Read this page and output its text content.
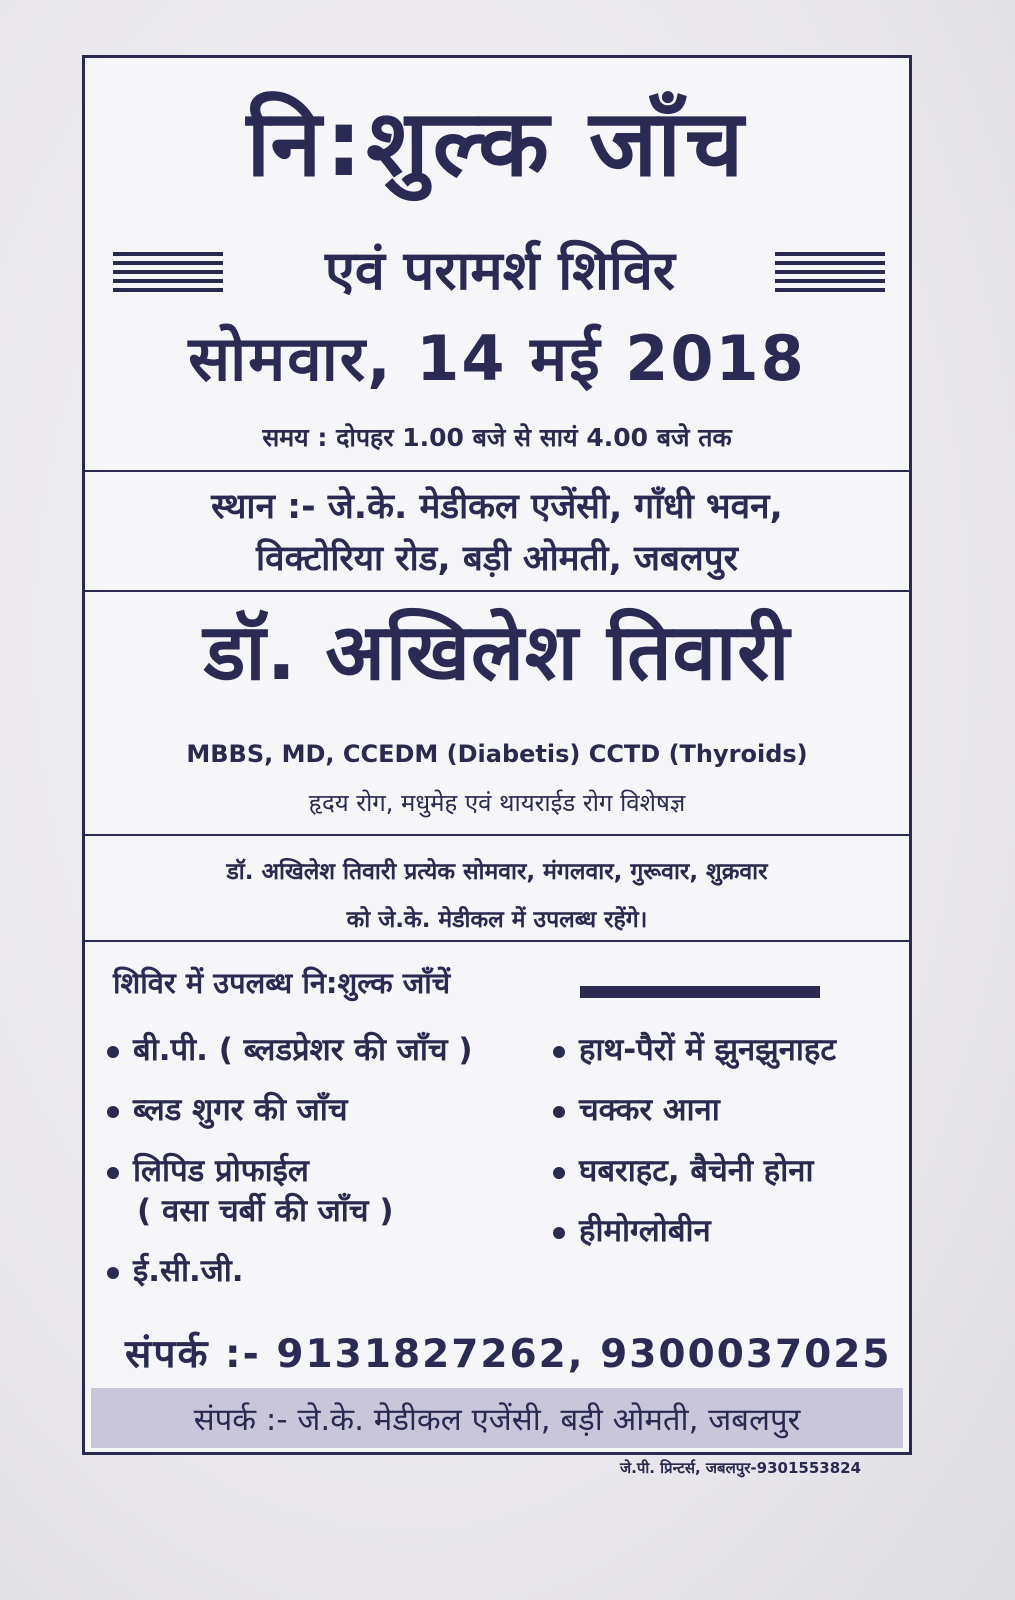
नि:शुल्क जाँच
एवं परामर्श शिविर
सोमवार, 14 मई 2018
समय : दोपहर 1.00 बजे से सायं 4.00 बजे तक
स्थान :- जे.के. मेडीकल एजेंसी, गाँधी भवन,
विक्टोरिया रोड, बड़ी ओमती, जबलपुर
डॉ. अखिलेश तिवारी
MBBS, MD, CCEDM (Diabetis) CCTD (Thyroids)
हृदय रोग, मधुमेह एवं थायराईड रोग विशेषज्ञ
डॉ. अखिलेश तिवारी प्रत्येक सोमवार, मंगलवार, गुरूवार, शुक्रवार
को जे.के. मेडीकल में उपलब्ध रहेंगे।
शिविर में उपलब्ध नि:शुल्क जाँचें
बी.पी. ( ब्लडप्रेशर की जाँच )
ब्लड शुगर की जाँच
लिपिड प्रोफाईल
( वसा चर्बी की जाँच )
ई.सी.जी.
हाथ-पैरों में झुनझुनाहट
चक्कर आना
घबराहट, बैचेनी होना
हीमोग्लोबीन
संपर्क :- 9131827262, 9300037025
संपर्क :- जे.के. मेडीकल एजेंसी, बड़ी ओमती, जबलपुर
जे.पी. प्रिन्टर्स, जबलपुर-9301553824
